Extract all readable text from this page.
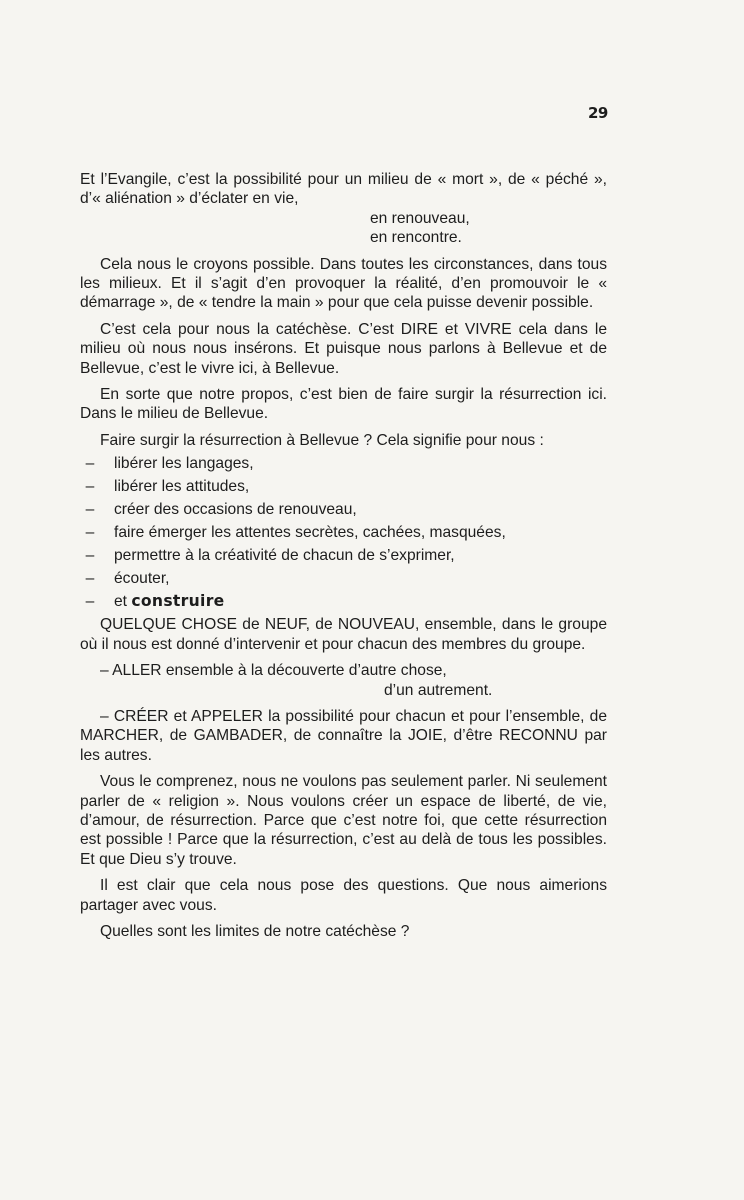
29

Et l’Evangile, c’est la possibilité pour un milieu de « mort », de « péché », d’« aliénation » d’éclater en vie,

en renouveau,

en rencontre.

Cela nous le croyons possible. Dans toutes les circonstances, dans tous les milieux. Et il s’agit d’en provoquer la réalité, d’en promouvoir le « démarrage », de « tendre la main » pour que cela puisse devenir possible.

C’est cela pour nous la catéchèse. C’est DIRE et VIVRE cela dans le milieu où nous nous insérons. Et puisque nous parlons à Bellevue et de Bellevue, c’est le vivre ici, à Bellevue.

En sorte que notre propos, c’est bien de faire surgir la résurrection ici. Dans le milieu de Bellevue.

Faire surgir la résurrection à Bellevue ? Cela signifie pour nous :

– libérer les langages,
– libérer les attitudes,
– créer des occasions de renouveau,
– faire émerger les attentes secrètes, cachées, masquées,
– permettre à la créativité de chacun de s’exprimer,
– écouter,
– et construire

QUELQUE CHOSE de NEUF, de NOUVEAU, ensemble, dans le groupe où il nous est donné d’intervenir et pour chacun des membres du groupe.

– ALLER ensemble à la découverte d’autre chose,

d’un autrement.

– CRÉER et APPELER la possibilité pour chacun et pour l’ensemble, de MARCHER, de GAMBADER, de connaître la JOIE, d’être RECONNU par les autres.

Vous le comprenez, nous ne voulons pas seulement parler. Ni seulement parler de « religion ». Nous voulons créer un espace de liberté, de vie, d’amour, de résurrection. Parce que c’est notre foi, que cette résurrection est possible ! Parce que la résurrection, c’est au delà de tous les possibles. Et que Dieu s’y trouve.

Il est clair que cela nous pose des questions. Que nous aimerions partager avec vous.

Quelles sont les limites de notre catéchèse ?
